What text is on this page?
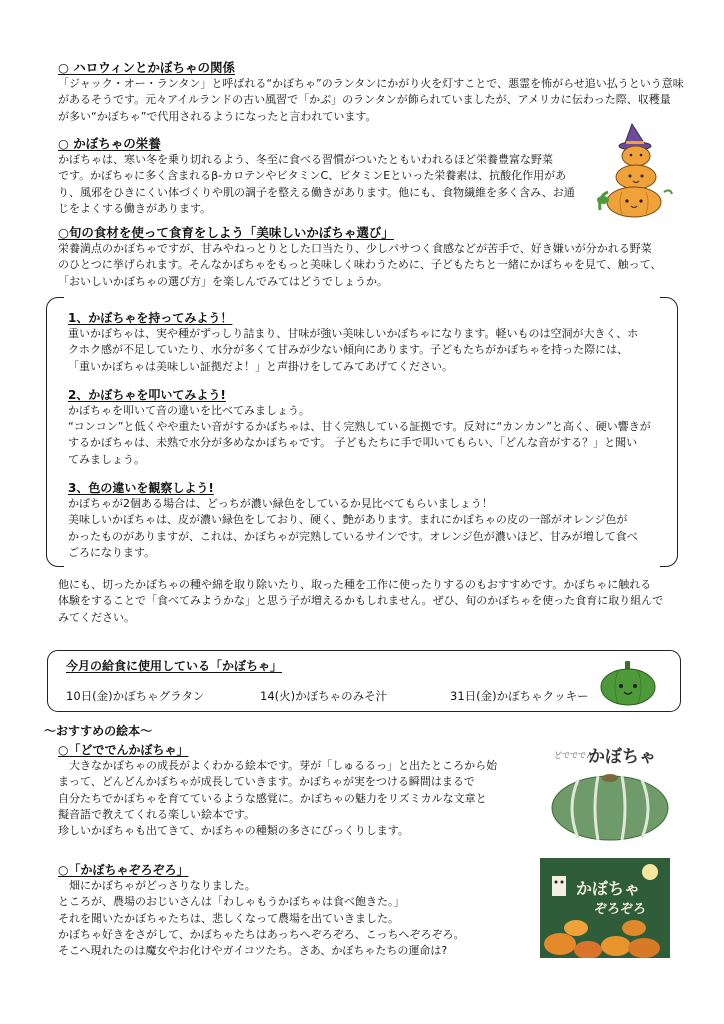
○ ハロウィンとかぼちゃの関係

「ジャック・オー・ランタン」と呼ばれる“かぼちゃ”のランタンにかがり火を灯すことで、悪霊を怖がらせ追い払うという意味
があるそうです。元々アイルランドの古い風習で「かぶ」のランタンが飾られていましたが、アメリカに伝わった際、収穫量
が多い“かぼちゃ”で代用されるようになったと言われています。

○ かぼちゃの栄養

かぼちゃは、寒い冬を乗り切れるよう、冬至に食べる習慣がついたともいわれるほど栄養豊富な野菜
です。かぼちゃに多く含まれるβ-カロテンやビタミンC、ビタミンEといった栄養素は、抗酸化作用があ
り、風邪をひきにくい体づくりや肌の調子を整える働きがあります。他にも、食物繊維を多く含み、お通
じをよくする働きがあります。

○旬の食材を使って食育をしよう「美味しいかぼちゃ選び」

栄養満点のかぼちゃですが、甘みやねっとりとした口当たり、少しパサつく食感などが苦手で、好き嫌いが分かれる野菜
のひとつに挙げられます。そんなかぼちゃをもっと美味しく味わうために、子どもたちと一緒にかぼちゃを見て、触って、
「おいしいかぼちゃの選び方」を楽しんでみてはどうでしょうか。

1、かぼちゃを持ってみよう！

重いかぼちゃは、実や種がずっしり詰まり、甘味が強い美味しいかぼちゃになります。軽いものは空洞が大きく、ホ
クホク感が不足していたり、水分が多くて甘みが少ない傾向にあります。子どもたちがかぼちゃを持った際には、
「重いかぼちゃは美味しい証拠だよ！」と声掛けをしてみてあげてください。

2、かぼちゃを叩いてみよう!

かぼちゃを叩いて音の違いを比べてみましょう。
“コンコン”と低くやや重たい音がするかぼちゃは、甘く完熟している証拠です。反対に“カンカン”と高く、硬い響きが
するかぼちゃは、未熟で水分が多めなかぼちゃです。 子どもたちに手で叩いてもらい、「どんな音がする？」と聞い
てみましょう。

3、色の違いを観察しよう!

かぼちゃが2個ある場合は、どっちが濃い緑色をしているか見比べてもらいましょう！
美味しいかぼちゃは、皮が濃い緑色をしており、硬く、艶があります。まれにかぼちゃの皮の一部がオレンジ色が
かったものがありますが、これは、かぼちゃが完熟しているサインです。オレンジ色が濃いほど、甘みが増して食べ
ごろになります。
他にも、切ったかぼちゃの種や綿を取り除いたり、取った種を工作に使ったりするのもおすすめです。かぼちゃに触れる
体験をすることで「食べてみようかな」と思う子が増えるかもしれません。ぜひ、旬のかぼちゃを使った食育に取り組んで
みてください。
今月の給食に使用している「かぼちゃ」
10日(金)かぼちゃグラタン	14(火)かぼちゃのみそ汁	31日(金)かぼちゃクッキー

～おすすめの絵本～

○「どででんかぼちゃ」

大きなかぼちゃの成長がよくわかる絵本です。芽が「しゅるるっ」と出たところから始
まって、どんどんかぼちゃが成長していきます。かぼちゃが実をつける瞬間はまるで
自分たちでかぼちゃを育てているような感覚に。かぼちゃの魅力をリズミカルな文章と
擬音語で教えてくれる楽しい絵本です。
珍しいかぼちゃも出てきて、かぼちゃの種類の多さにびっくりします。
どでででん
かぼちゃ

○「かぼちゃぞろぞろ」

畑にかぼちゃがどっさりなりました。
ところが、農場のおじいさんは「わしゃもうかぼちゃは食べ飽きた。」
それを聞いたかぼちゃたちは、悲しくなって農場を出ていきました。
かぼちゃ好きをさがして、かぼちゃたちはあっちへぞろぞろ、こっちへぞろぞろ。
そこへ現れたのは魔女やお化けやガイコツたち。さあ、かぼちゃたちの運命は?
かぼちゃ
ぞろぞろ
